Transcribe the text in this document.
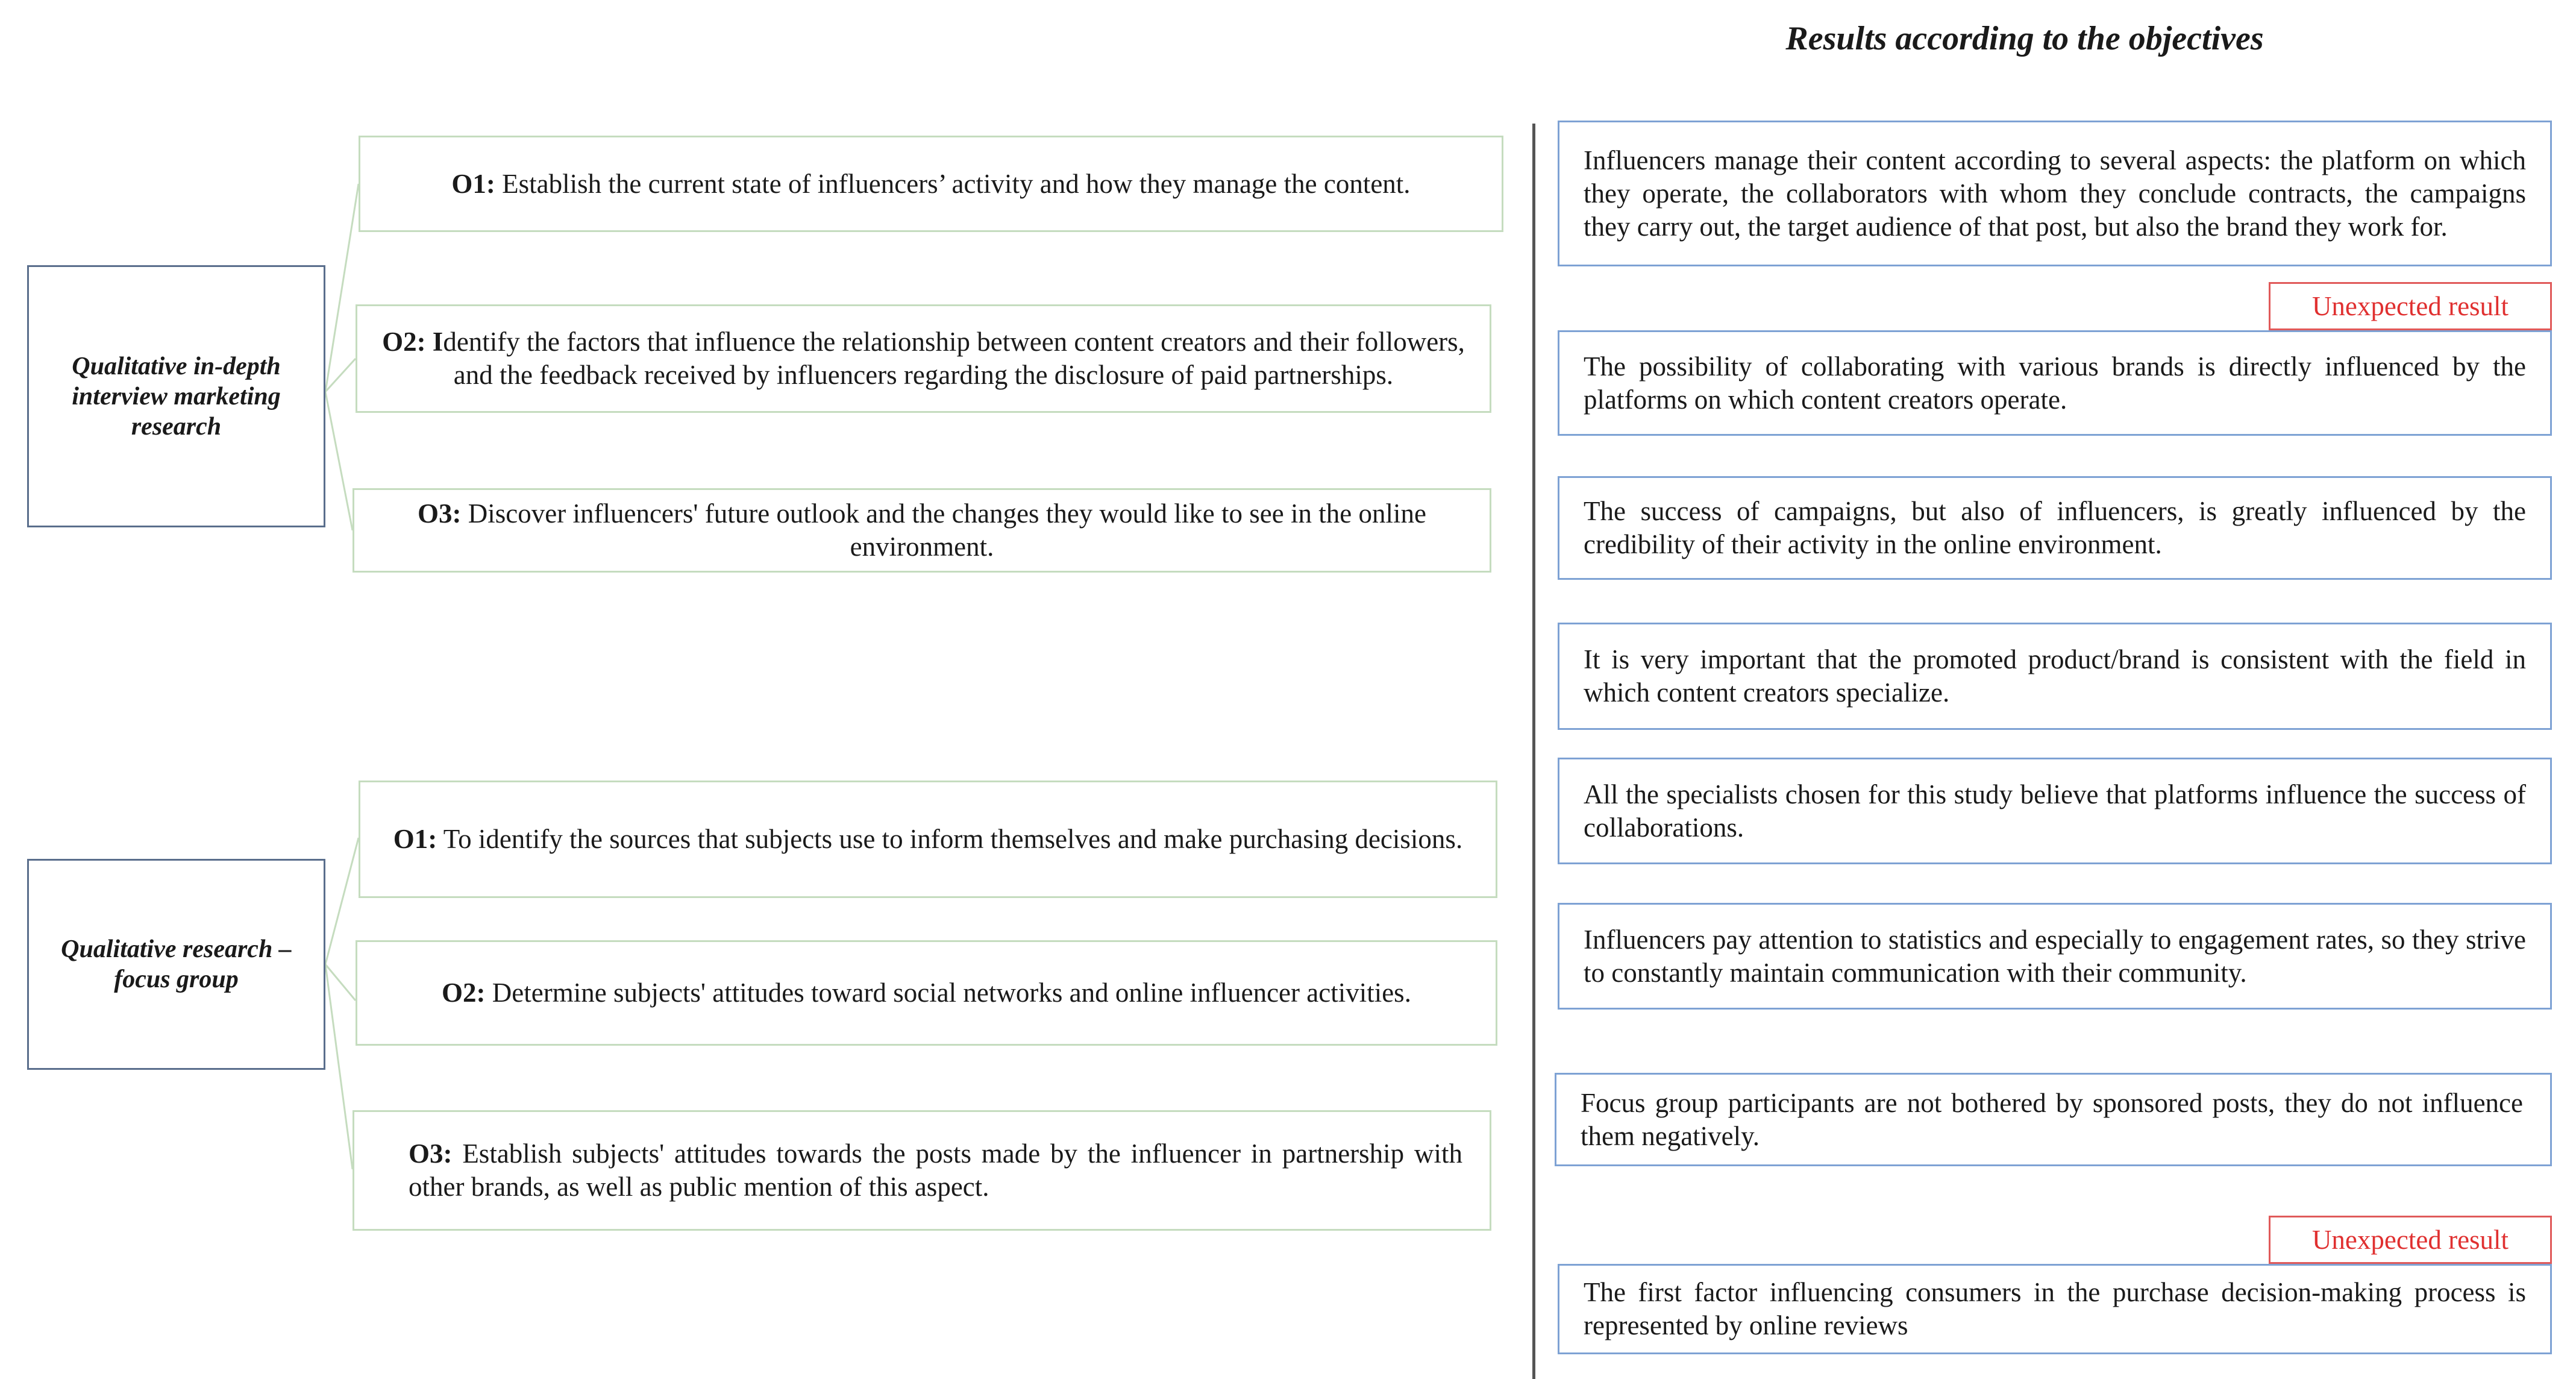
Results according to the objectives
Qualitative in-depth interview marketing research
Qualitative research – focus group
O1: Establish the current state of influencers’ activity and how they manage the content.
O2: Identify the factors that influence the relationship between content creators and their followers, and the feedback received by influencers regarding the disclosure of paid partnerships.
O3: Discover influencers' future outlook and the changes they would like to see in the online environment.
O1: To identify the sources that subjects use to inform themselves and make purchasing decisions.
O2: Determine subjects' attitudes toward social networks and online influencer activities.
O3: Establish subjects' attitudes towards the posts made by the influencer in partnership with other brands, as well as public mention of this aspect.
Influencers manage their content according to several aspects: the platform on which they operate, the collaborators with whom they conclude contracts, the campaigns they carry out, the target audience of that post, but also the brand they work for.
Unexpected result
The possibility of collaborating with various brands is directly influenced by the platforms on which content creators operate.
The success of campaigns, but also of influencers, is greatly influenced by the credibility of their activity in the online environment.
It is very important that the promoted product/brand is consistent with the field in which content creators specialize.
All the specialists chosen for this study believe that platforms influence the success of collaborations.
Influencers pay attention to statistics and especially to engagement rates, so they strive to constantly maintain communication with their community.
Focus group participants are not bothered by sponsored posts, they do not influence them negatively.
Unexpected result
The first factor influencing consumers in the purchase decision-making process is represented by online reviews
